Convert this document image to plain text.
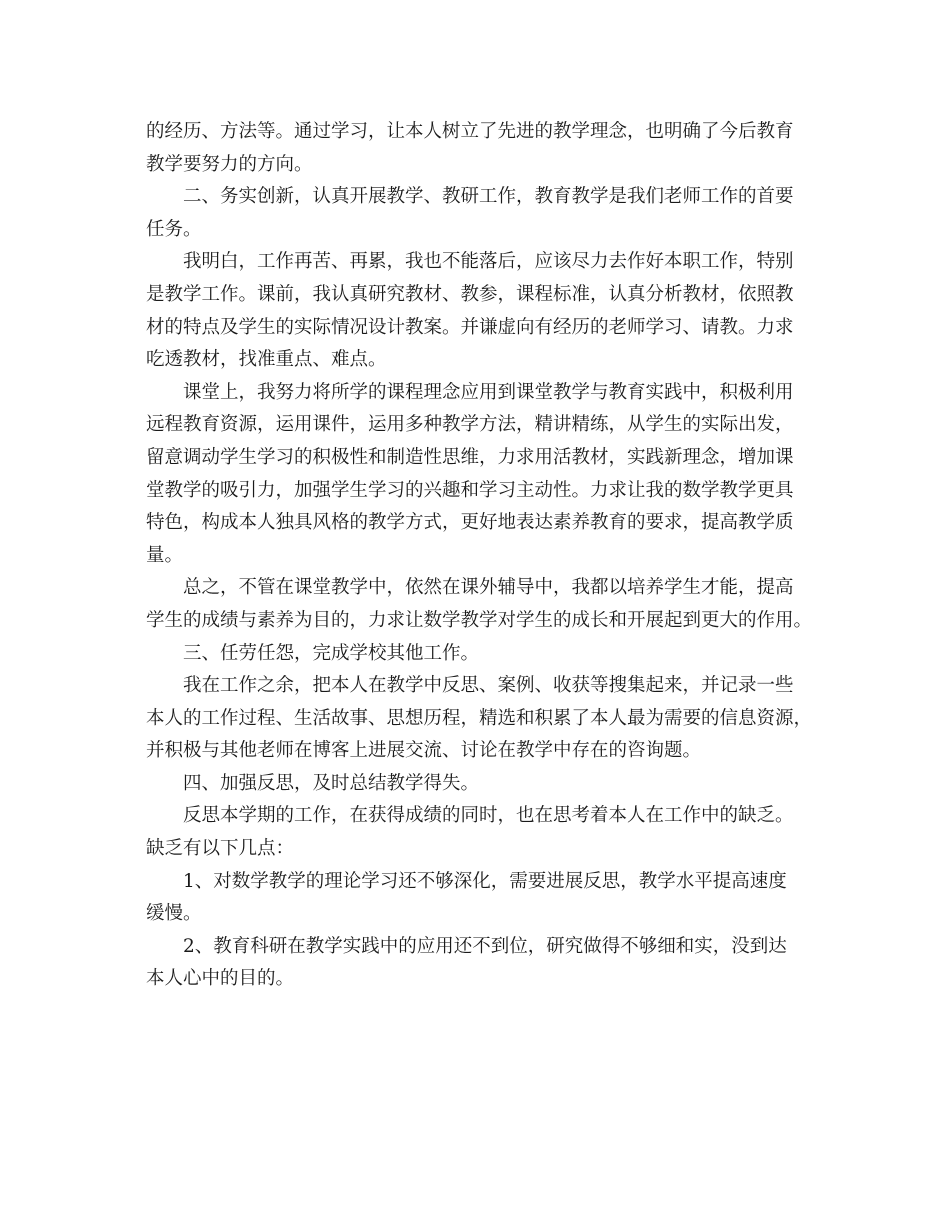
的经历、方法等。通过学习，让本人树立了先进的教学理念，也明确了今后教育
教学要努力的方向。
二、务实创新，认真开展教学、教研工作，教育教学是我们老师工作的首要
任务。
我明白，工作再苦、再累，我也不能落后，应该尽力去作好本职工作，特别
是教学工作。课前，我认真研究教材、教参，课程标准，认真分析教材，依照教
材的特点及学生的实际情况设计教案。并谦虚向有经历的老师学习、请教。力求
吃透教材，找准重点、难点。
课堂上，我努力将所学的课程理念应用到课堂教学与教育实践中，积极利用
远程教育资源，运用课件，运用多种教学方法，精讲精练，从学生的实际出发，
留意调动学生学习的积极性和制造性思维，力求用活教材，实践新理念，增加课
堂教学的吸引力，加强学生学习的兴趣和学习主动性。力求让我的数学教学更具
特色，构成本人独具风格的教学方式，更好地表达素养教育的要求，提高教学质
量。
总之，不管在课堂教学中，依然在课外辅导中，我都以培养学生才能，提高
学生的成绩与素养为目的，力求让数学教学对学生的成长和开展起到更大的作用。
三、任劳任怨，完成学校其他工作。
我在工作之余，把本人在教学中反思、案例、收获等搜集起来，并记录一些
本人的工作过程、生活故事、思想历程，精选和积累了本人最为需要的信息资源，
并积极与其他老师在博客上进展交流、讨论在教学中存在的咨询题。
四、加强反思，及时总结教学得失。
反思本学期的工作，在获得成绩的同时，也在思考着本人在工作中的缺乏。
缺乏有以下几点：
1、对数学教学的理论学习还不够深化，需要进展反思，教学水平提高速度
缓慢。
2、教育科研在教学实践中的应用还不到位，研究做得不够细和实，没到达
本人心中的目的。
